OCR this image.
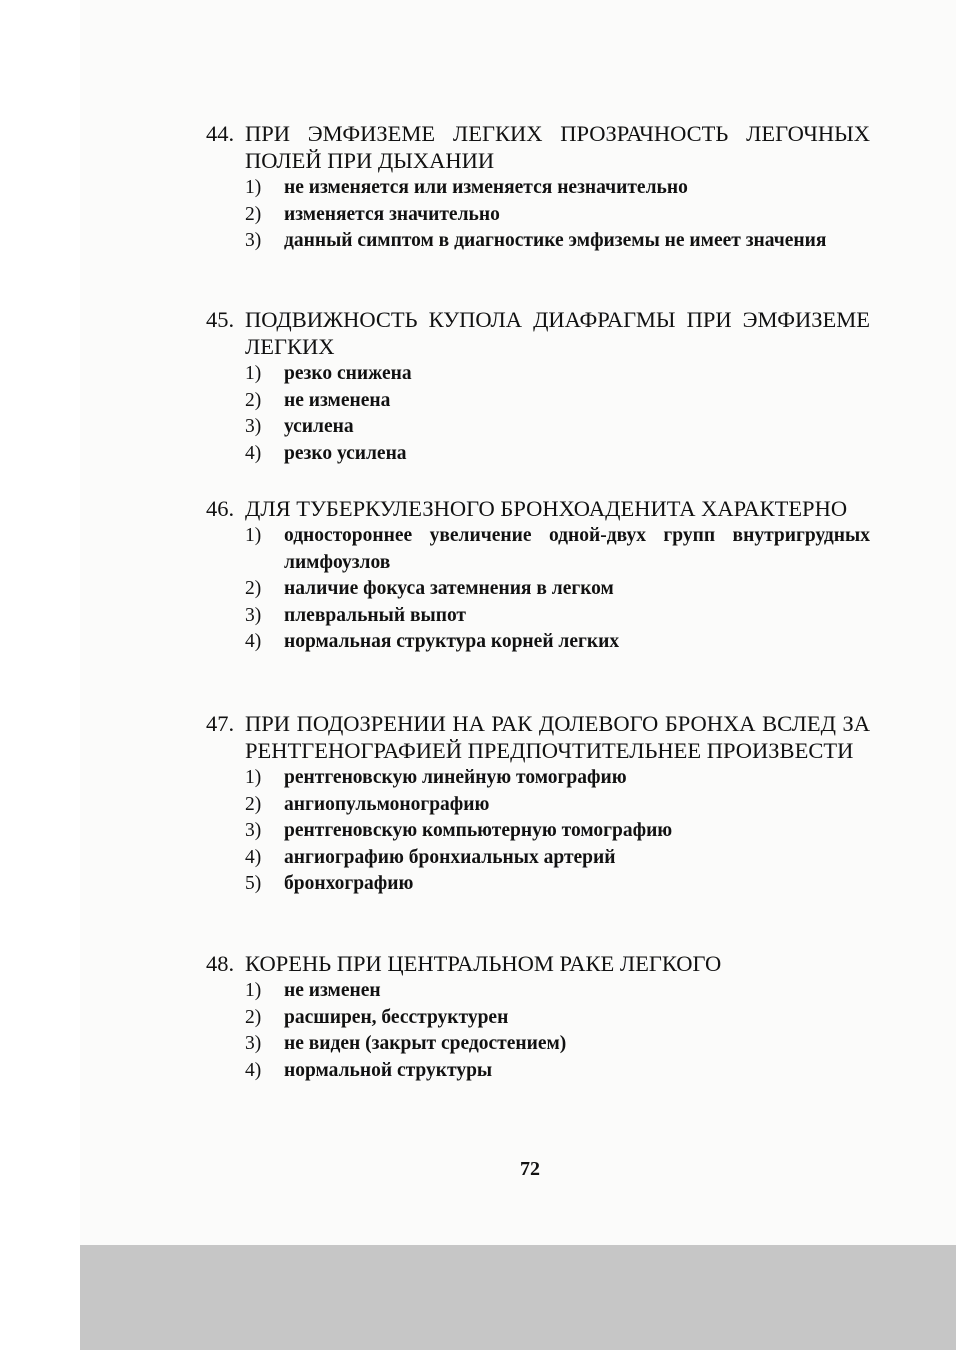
44. ПРИ ЭМФИЗЕМЕ ЛЕГКИХ ПРОЗРАЧНОСТЬ ЛЕГОЧНЫХ ПОЛЕЙ ПРИ ДЫХАНИИ
1) не изменяется или изменяется незначительно
2) изменяется значительно
3) данный симптом в диагностике эмфиземы не имеет значения
45. ПОДВИЖНОСТЬ КУПОЛА ДИАФРАГМЫ ПРИ ЭМФИЗЕМЕ ЛЕГКИХ
1) резко снижена
2) не изменена
3) усилена
4) резко усилена
46. ДЛЯ ТУБЕРКУЛЕЗНОГО БРОНХОАДЕНИТА ХАРАКТЕРНО
1) одностороннее увеличение одной-двух групп внутригрудных лимфоузлов
2) наличие фокуса затемнения в легком
3) плевральный выпот
4) нормальная структура корней легких
47. ПРИ ПОДОЗРЕНИИ НА РАК ДОЛЕВОГО БРОНХА ВСЛЕД ЗА РЕНТГЕНОГРАФИЕЙ ПРЕДПОЧТИТЕЛЬНЕЕ ПРОИЗВЕСТИ
1) рентгеновскую линейную томографию
2) ангиопульмонографию
3) рентгеновскую компьютерную томографию
4) ангиографию бронхиальных артерий
5) бронхографию
48. КОРЕНЬ ПРИ ЦЕНТРАЛЬНОМ РАКЕ ЛЕГКОГО
1) не изменен
2) расширен, бесструктурен
3) не виден (закрыт средостением)
4) нормальной структуры
72
